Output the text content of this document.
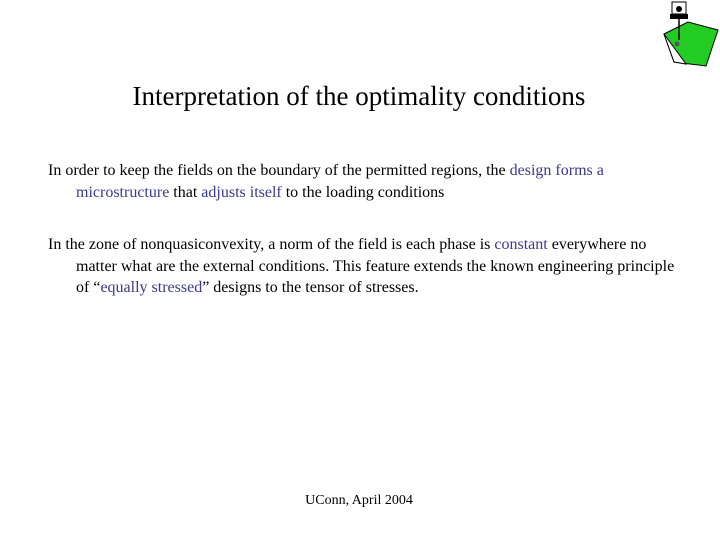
Interpretation of the optimality conditions
In order to keep the fields on the boundary of the permitted regions, the design forms a microstructure that adjusts itself to the loading conditions
In the zone of nonquasiconvexity, a norm of the field is each phase is constant everywhere no matter what are the external conditions. This feature extends the known engineering principle of “equally stressed” designs to the tensor of stresses.
UConn, April 2004
